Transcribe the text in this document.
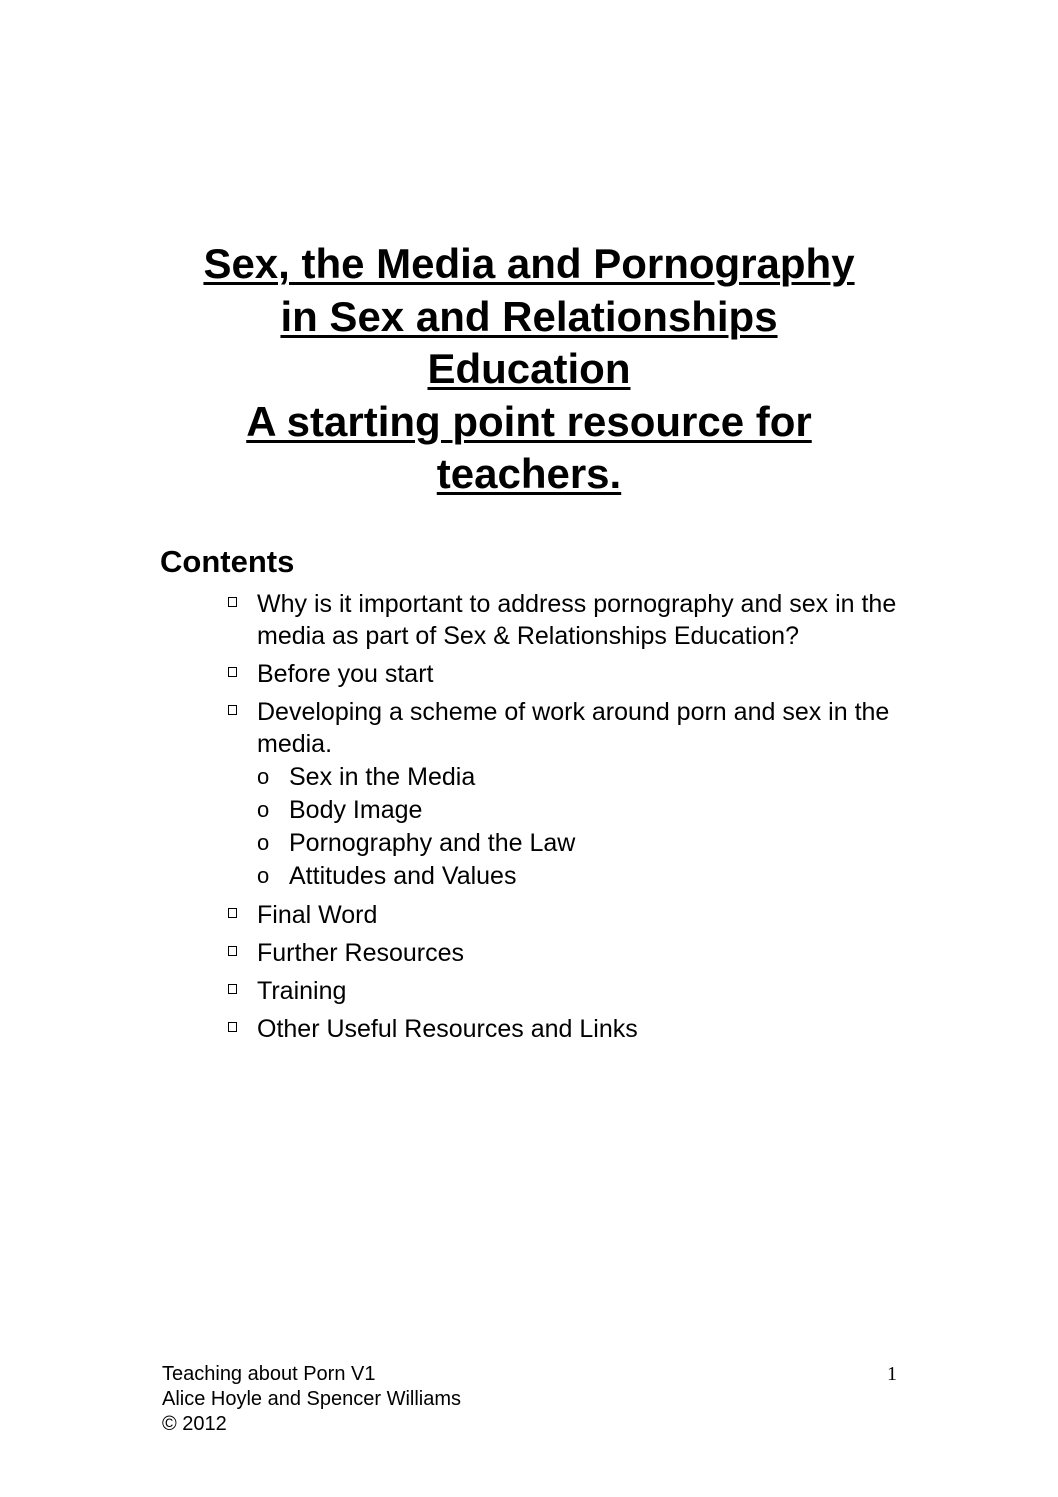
Sex, the Media and Pornography
in Sex and Relationships
Education
A starting point resource for
teachers.
Contents
Why is it important to address pornography and sex in the media as part of Sex & Relationships Education?
Before you start
Developing a scheme of work around porn and sex in the media.
o Sex in the Media
o Body Image
o Pornography and the Law
o Attitudes and Values
Final Word
Further Resources
Training
Other Useful Resources and Links
Teaching about Porn V1
Alice Hoyle and Spencer Williams
© 2012
1
